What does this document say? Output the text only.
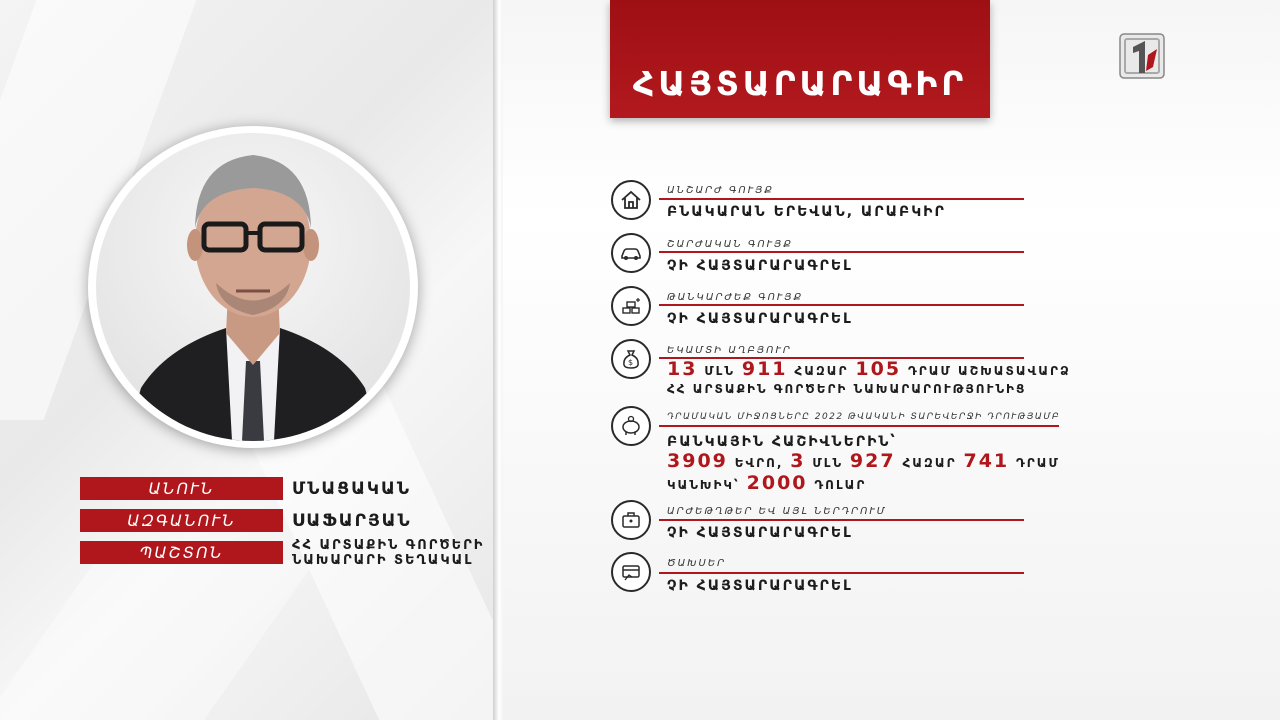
ԱՆՈՒՆ	ՄՆԱՑԱԿԱՆ
ԱԶԳԱՆՈՒՆ	ՍԱՖԱՐՅԱՆ
ՊԱՇՏՈՆ	ՀՀ ԱՐՏԱՔԻՆ ԳՈՐԾԵՐԻ
ՆԱԽԱՐԱՐԻ ՏԵՂԱԿԱԼ
ՀԱՅՏԱՐԱՐԱԳԻՐ
ԱՆՇԱՐԺ ԳՈՒՅՔ
ԲՆԱԿԱՐԱՆ ԵՐԵՎԱՆ, ԱՐԱԲԿԻՐ
ՇԱՐԺԱԿԱՆ ԳՈՒՅՔ
ՉԻ ՀԱՅՏԱՐԱՐԱԳՐԵԼ
ԹԱՆԿԱՐԺԵՔ ԳՈՒՅՔ
ՉԻ ՀԱՅՏԱՐԱՐԱԳՐԵԼ
$
ԵԿԱՄՏԻ ԱՂԲՅՈՒՐ
13 ՄԼՆ 911 ՀԱԶԱՐ 105 ԴՐԱՄ ԱՇԽԱՏԱՎԱՐՁ
ՀՀ ԱՐՏԱՔԻՆ ԳՈՐԾԵՐԻ ՆԱԽԱՐԱՐՈՒԹՅՈՒՆԻՑ
ԴՐԱՄԱԿԱՆ ՄԻՋՈՑՆԵՐԸ 2022 ԹՎԱԿԱՆԻ ՏԱՐԵՎԵՐՋԻ ԴՐՈՒԹՅԱՄԲ
ԲԱՆԿԱՅԻՆ ՀԱՇԻՎՆԵՐԻՆ՝
3909 ԵՎՐՈ, 3 ՄԼՆ 927 ՀԱԶԱՐ 741 ԴՐԱՄ
ԿԱՆԽԻԿ՝ 2000 ԴՈԼԱՐ
ԱՐԺԵԹՂԹԵՐ ԵՎ ԱՅԼ ՆԵՐԴՐՈՒՄ
ՉԻ ՀԱՅՏԱՐԱՐԱԳՐԵԼ
ԾԱԽՍԵՐ
ՉԻ ՀԱՅՏԱՐԱՐԱԳՐԵԼ
